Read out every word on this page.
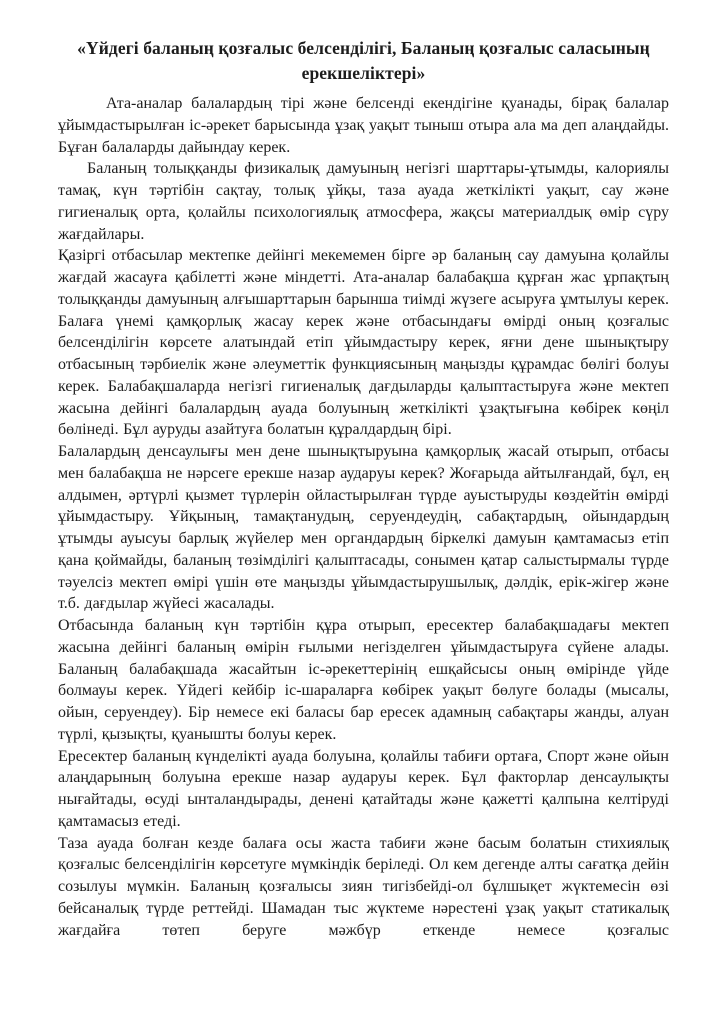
«Үйдегі баланың қозғалыс белсенділігі, Баланың қозғалыс саласының ерекшеліктері»

Ата-аналар балалардың тірі және белсенді екендігіне қуанады, бірақ балалар ұйымдастырылған іс-әрекет барысында ұзақ уақыт тыныш отыра ала ма деп алаңдайды. Бұған балаларды дайындау керек.

Баланың толыққанды физикалық дамуының негізгі шарттары-ұтымды, калориялы тамақ, күн тәртібін сақтау, толық ұйқы, таза ауада жеткілікті уақыт, сау және гигиеналық орта, қолайлы психологиялық атмосфера, жақсы материалдық өмір сүру жағдайлары.

Қазіргі отбасылар мектепке дейінгі мекемемен бірге әр баланың сау дамуына қолайлы жағдай жасауға қабілетті және міндетті. Ата-аналар балабақша құрған жас ұрпақтың толыққанды дамуының алғышарттарын барынша тиімді жүзеге асыруға ұмтылуы керек. Балаға үнемі қамқорлық жасау керек және отбасындағы өмірді оның қозғалыс белсенділігін көрсете алатындай етіп ұйымдастыру керек, яғни дене шынықтыру отбасының тәрбиелік және әлеуметтік функциясының маңызды құрамдас бөлігі болуы керек. Балабақшаларда негізгі гигиеналық дағдыларды қалыптастыруға және мектеп жасына дейінгі балалардың ауада болуының жеткілікті ұзақтығына көбірек көңіл бөлінеді. Бұл ауруды азайтуға болатын құралдардың бірі.

Балалардың денсаулығы мен дене шынықтыруына қамқорлық жасай отырып, отбасы мен балабақша не нәрсеге ерекше назар аударуы керек? Жоғарыда айтылғандай, бұл, ең алдымен, әртүрлі қызмет түрлерін ойластырылған түрде ауыстыруды көздейтін өмірді ұйымдастыру. Ұйқының, тамақтанудың, серуендеудің, сабақтардың, ойындардың ұтымды ауысуы барлық жүйелер мен органдардың біркелкі дамуын қамтамасыз етіп қана қоймайды, баланың төзімділігі қалыптасады, сонымен қатар салыстырмалы түрде тәуелсіз мектеп өмірі үшін өте маңызды ұйымдастырушылық, дәлдік, ерік-жігер және т.б. дағдылар жүйесі жасалады.

Отбасында баланың күн тәртібін құра отырып, ересектер балабақшадағы мектеп жасына дейінгі баланың өмірін ғылыми негізделген ұйымдастыруға сүйене алады. Баланың балабақшада жасайтын іс-әрекеттерінің ешқайсысы оның өмірінде үйде болмауы керек. Үйдегі кейбір іс-шараларға көбірек уақыт бөлуге болады (мысалы, ойын, серуендеу). Бір немесе екі баласы бар ересек адамның сабақтары жанды, алуан түрлі, қызықты, қуанышты болуы керек.

Ересектер баланың күнделікті ауада болуына, қолайлы табиғи ортаға, Спорт және ойын алаңдарының болуына ерекше назар аударуы керек. Бұл факторлар денсаулықты нығайтады, өсуді ынталандырады, денені қатайтады және қажетті қалпына келтіруді қамтамасыз етеді.

Таза ауада болған кезде балаға осы жаста табиғи және басым болатын стихиялық қозғалыс белсенділігін көрсетуге мүмкіндік беріледі. Ол кем дегенде алты сағатқа дейін созылуы мүмкін. Баланың қозғалысы зиян тигізбейді-ол бұлшықет жүктемесін өзі бейсаналық түрде реттейді. Шамадан тыс жүктеме нәрестені ұзақ уақыт статикалық жағдайға төтеп беруге мәжбүр еткенде немесе қозғалыс
